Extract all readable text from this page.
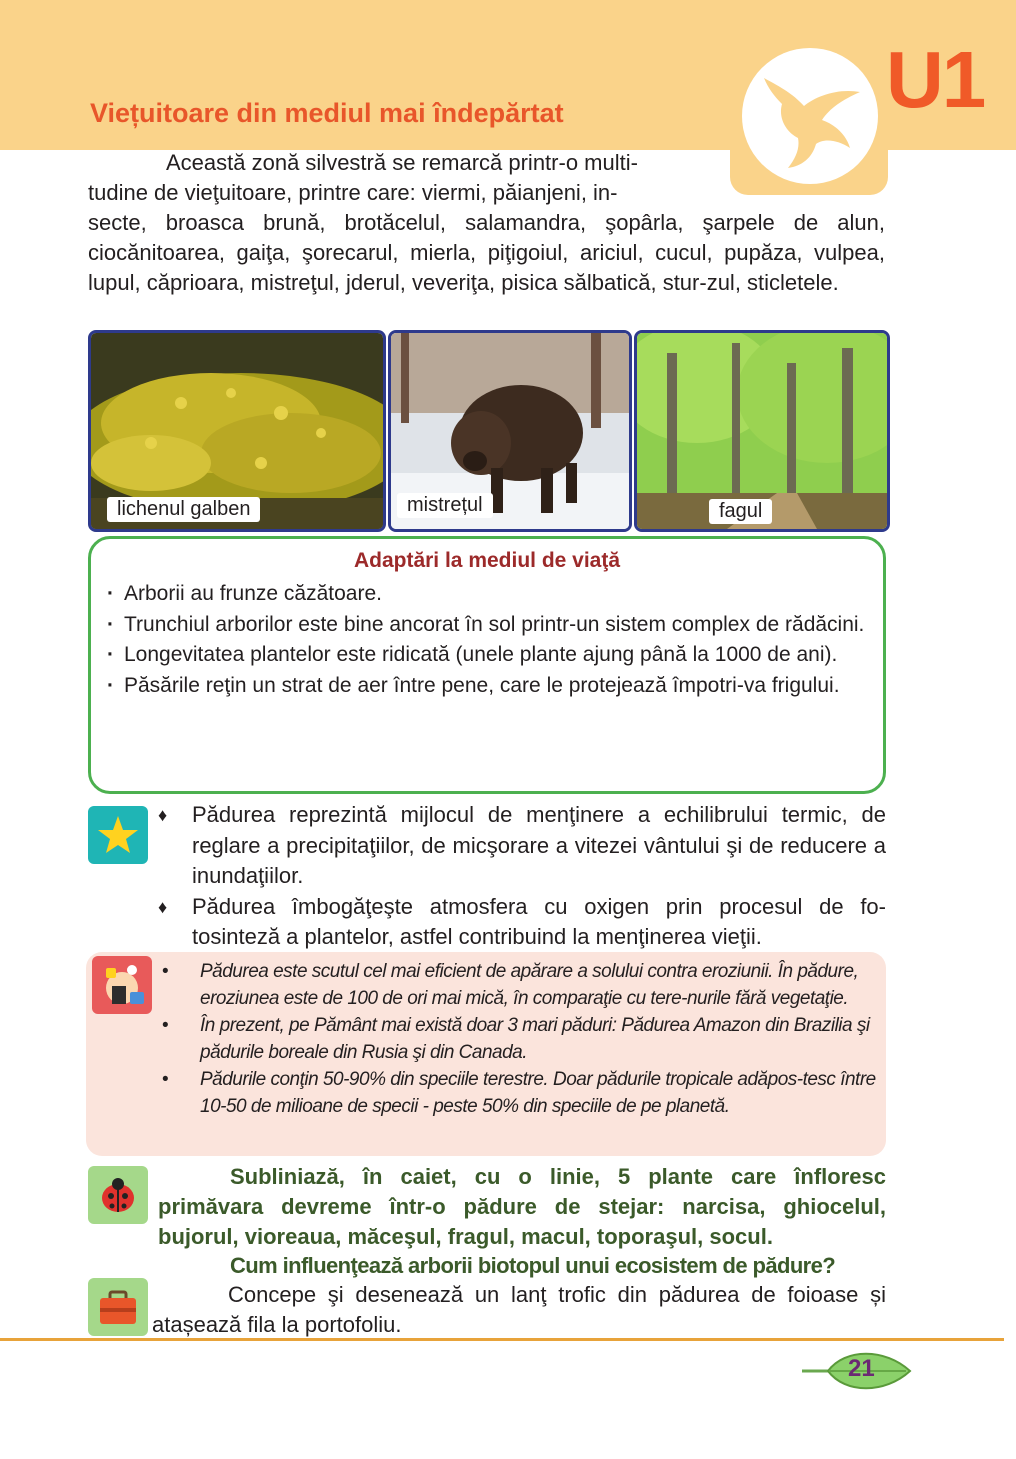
U1
Viețuitoare din mediul mai îndepărtat

Această zonă silvestră se remarcă printr-o multi-
tudine de vieţuitoare, printre care: viermi, păianjeni, in-
secte, broasca brună, brotăcelul, salamandra, şopârla, şarpele de alun, ciocănitoarea, gaiţa, şorecarul, mierla, piţigoiul, ariciul, cucul, pupăza, vulpea, lupul, căprioara, mistreţul, jderul, veveriţa, pisica sălbatică, stur-zul, sticletele.

lichenul galben	mistrețul	fagul
Adaptări la mediul de viaţă
· Arborii au frunze căzătoare.
· Trunchiul arborilor este bine ancorat în sol printr-un sistem complex de rădăcini.
· Longevitatea plantelor este ridicată (unele plante ajung până la 1000 de ani).
· Păsările reţin un strat de aer între pene, care le protejează împotri-va frigului.
♦ Pădurea reprezintă mijlocul de menţinere a echilibrului termic, de reglare a precipitaţiilor, de micşorare a vitezei vântului şi de reducere a inundaţiilor.
♦ Pădurea îmbogăţeşte atmosfera cu oxigen prin procesul de fo-tosinteză a plantelor, astfel contribuind la menţinerea vieţii.
• Pădurea este scutul cel mai eficient de apărare a solului contra eroziunii. În pădure, eroziunea este de 100 de ori mai mică, în comparaţie cu tere-nurile fără vegetaţie.
• În prezent, pe Pământ mai există doar 3 mari păduri: Pădurea Amazon din Brazilia şi pădurile boreale din Rusia şi din Canada.
• Pădurile conţin 50-90% din speciile terestre. Doar pădurile tropicale adăpos-tesc între 10-50 de milioane de specii - peste 50% din speciile de pe planetă.

Subliniază, în caiet, cu o linie, 5 plante care înfloresc primăvara devreme într-o pădure de stejar: narcisa, ghiocelul, bujorul, vioreaua, măceşul, fragul, macul, toporaşul, socul.

Cum influenţează arborii biotopul unui ecosistem de pădure?

Concepe şi desenează un lanţ trofic din pădurea de foioase și atașează fila la portofoliu.

21
